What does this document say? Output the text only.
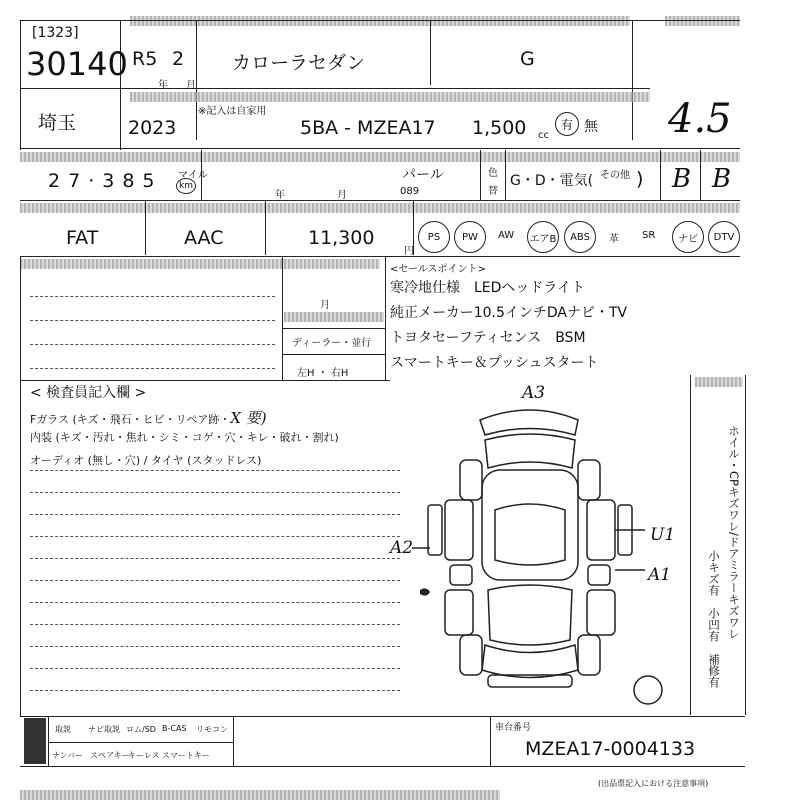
[1323]
30140 R5 2
年 月
カローラセダン	G
埼玉
※記入は自家用
2023	5BA - MZEA17 1,500 cc
有 無 4.5
27‧385 マイル
km
年	月
パール
089
色
替
G・D・電気( その他 ) B B
FAT	AAC	11,300
円
PS	PW	AW エアB	ABS	革 SR	ナビ	DTV
月
ディーラー・並行
左H ・ 右H
<セールスポイント>
寒冷地仕様　LEDヘッドライト
純正メーカー10.5インチDAナビ・TV
トヨタセーフティセンス　BSM
スマートキー＆プッシュスタート
< 検査員記入欄 >
Fガラス (キズ・飛石・ヒビ・リペア跡・X 要)
内装 (キズ・汚れ・焦れ・シミ・コゲ・穴・キレ・破れ・割れ)
オーディオ (無し・穴) / タイヤ (スタッドレス)
A3
A2
U1
A1	ホイル・CPキズワレ/ドアミラーキズワレ
小キズ有　小凹有　補修有
取説 ナビ取説 ロム/SD B-CAS リモコン
ナンバー スペアキー
キーレス スマートキー
車台番号
MZEA17-0004133
(出品票記入における注意事項)
